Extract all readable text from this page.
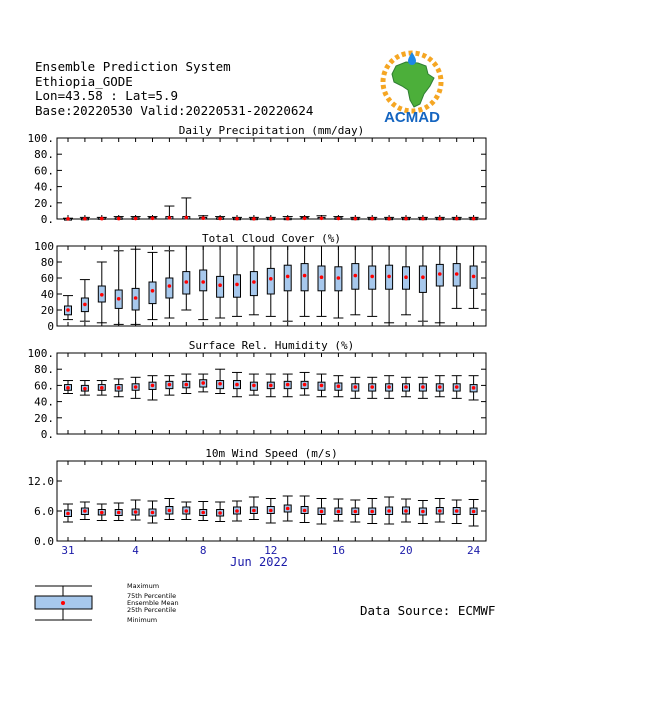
Ensemble Prediction System
Ethiopia_GODE
Lon=43.58 : Lat=5.9
Base:20220530 Valid:20220531-20220624	ACMAD
Daily Precipitation (mm/day)
0.
20.
40.
60.
80.
100.
Total Cloud Cover (%)
0
20
40
60
80
100
Surface Rel. Humidity (%)
0.
20.
40.
60.
80.
100.
10m Wind Speed (m/s)
0.0
6.0
12.0
31	4	8	12	16	20	24
Jun 2022
Maximum
75th Percentile
Ensemble Mean
25th Percentile
Minimum
Data Source: ECMWF
